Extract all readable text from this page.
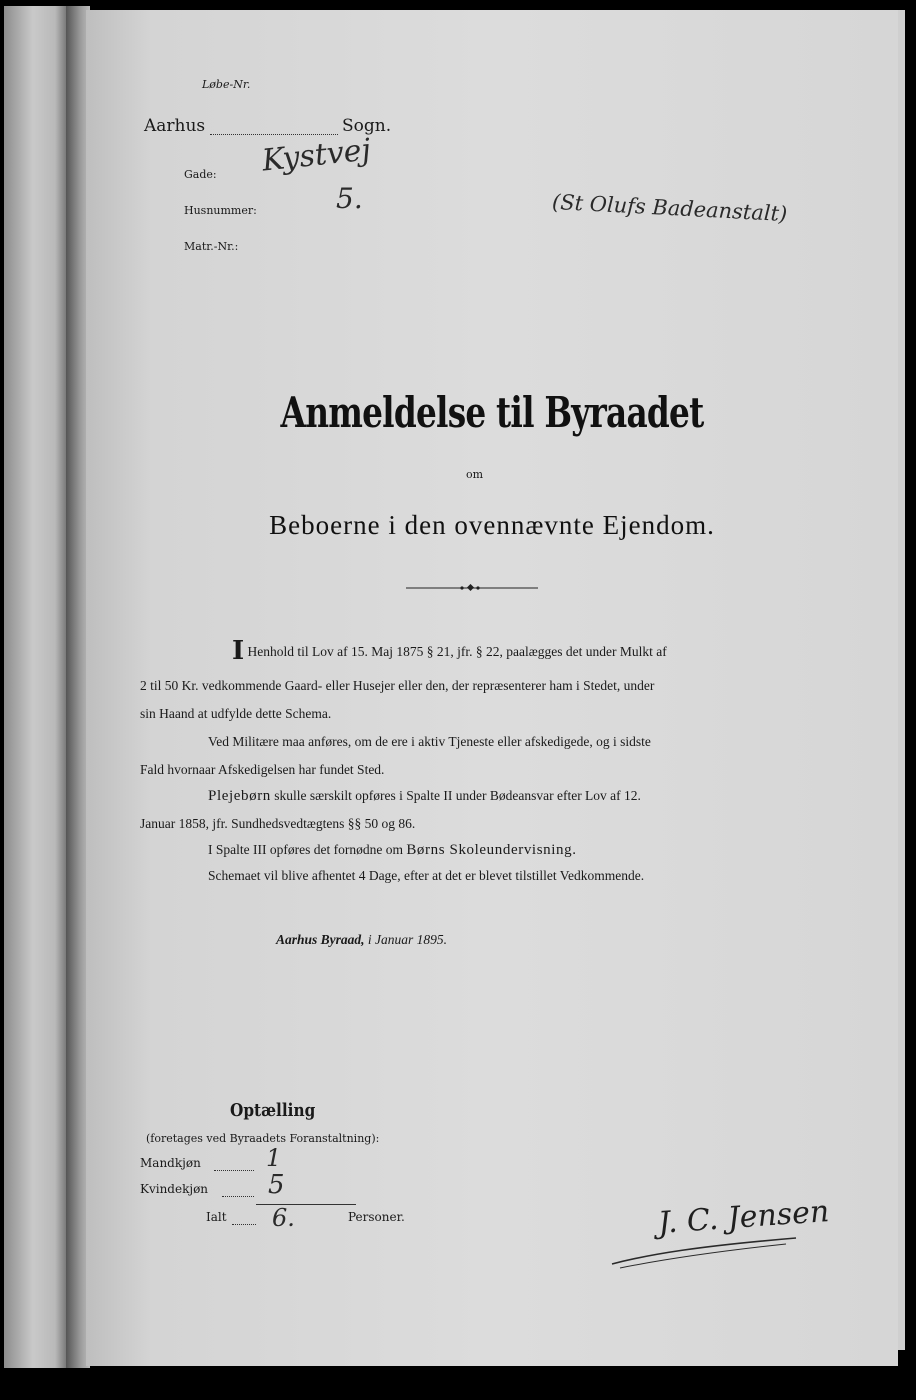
Løbe-Nr.
Aarhus	Sogn.
Gade: Kystvej
Husnummer:	5.
Matr.-Nr.:
(St Olufs Badeanstalt)
Anmeldelse til Byraadet
om
Beboerne i den ovennævnte Ejendom.
I Henhold til Lov af 15. Maj 1875 § 21, jfr. § 22, paalægges det under Mulkt af
2 til 50 Kr. vedkommende Gaard- eller Husejer eller den, der repræsenterer ham i Stedet, under
sin Haand at udfylde dette Schema.
Ved Militære maa anføres, om de ere i aktiv Tjeneste eller afskedigede, og i sidste
Fald hvornaar Afskedigelsen har fundet Sted.
Plejebørn skulle særskilt opføres i Spalte II under Bødeansvar efter Lov af 12.
Januar 1858, jfr. Sundhedsvedtægtens §§ 50 og 86.
I Spalte III opføres det fornødne om Børns Skoleundervisning.
Schemaet vil blive afhentet 4 Dage, efter at det er blevet tilstillet Vedkommende.
Aarhus Byraad, i Januar 1895.
Optælling
(foretages ved Byraadets Foranstaltning):
Mandkjøn	1
Kvindekjøn 5
Ialt 6.	Personer.	J. C. Jensen
